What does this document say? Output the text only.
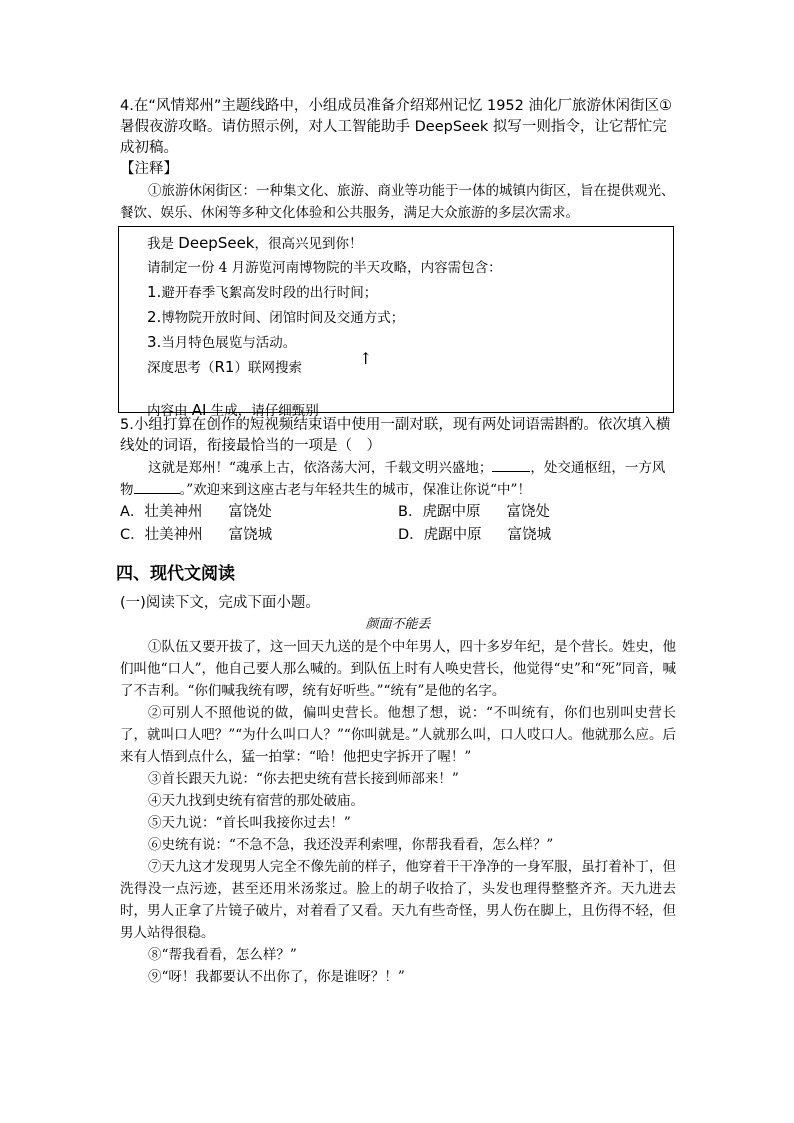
4.在“风情郑州”主题线路中，小组成员准备介绍郑州记忆 1952 油化厂旅游休闲街区①暑假夜游攻略。请仿照示例，对人工智能助手 DeepSeek 拟写一则指令，让它帮忙完成初稿。
【注释】
①旅游休闲街区：一种集文化、旅游、商业等功能于一体的城镇内街区，旨在提供观光、餐饮、娱乐、休闲等多种文化体验和公共服务，满足大众旅游的多层次需求。
我是 DeepSeek，很高兴见到你！
请制定一份 4 月游览河南博物院的半天攻略，内容需包含：
1.避开春季飞絮高发时段的出行时间；
2.博物院开放时间、闭馆时间及交通方式；
3.当月特色展览与活动。
深度思考（R1）联网搜索	↑
内容由 AI 生成，请仔细甄别
5.小组打算在创作的短视频结束语中使用一副对联，现有两处词语需斟酌。依次填入横线处的词语，衔接最恰当的一项是（　）
这就是郑州！“魂承上古，依洛荡大河，千载文明兴盛地；	，处交通枢纽，一方风物	。”欢迎来到这座古老与年轻共生的城市，保准让你说“中”！
A．壮美神州 富饶处	B．虎踞中原 富饶处
C．壮美神州 富饶城	D．虎踞中原 富饶城
四、现代文阅读
(一)阅读下文，完成下面小题。
颜面不能丢
①队伍又要开拔了，这一回天九送的是个中年男人，四十多岁年纪，是个营长。姓史，他们叫他“口人”，他自己要人那么喊的。到队伍上时有人唤史营长，他觉得“史”和“死”同音，喊了不吉利。“你们喊我统有啰，统有好听些。”“统有”是他的名字。
②可别人不照他说的做，偏叫史营长。他想了想，说：“不叫统有，你们也别叫史营长了，就叫口人吧？”“为什么叫口人？”“你叫就是。”人就那么叫，口人哎口人。他就那么应。后来有人悟到点什么，猛一拍掌：“哈！他把史字拆开了喔！”
③首长跟天九说：“你去把史统有营长接到师部来！”
④天九找到史统有宿营的那处破庙。
⑤天九说：“首长叫我接你过去！”
⑥史统有说：“不急不急，我还没弄利索哩，你帮我看看，怎么样？”
⑦天九这才发现男人完全不像先前的样子，他穿着干干净净的一身军服，虽打着补丁，但洗得没一点污迹，甚至还用米汤浆过。脸上的胡子收拾了，头发也理得整整齐齐。天九进去时，男人正拿了片镜子破片，对着看了又看。天九有些奇怪，男人伤在脚上，且伤得不轻，但男人站得很稳。
⑧“帮我看看，怎么样？”
⑨“呀！我都要认不出你了，你是谁呀？！”
